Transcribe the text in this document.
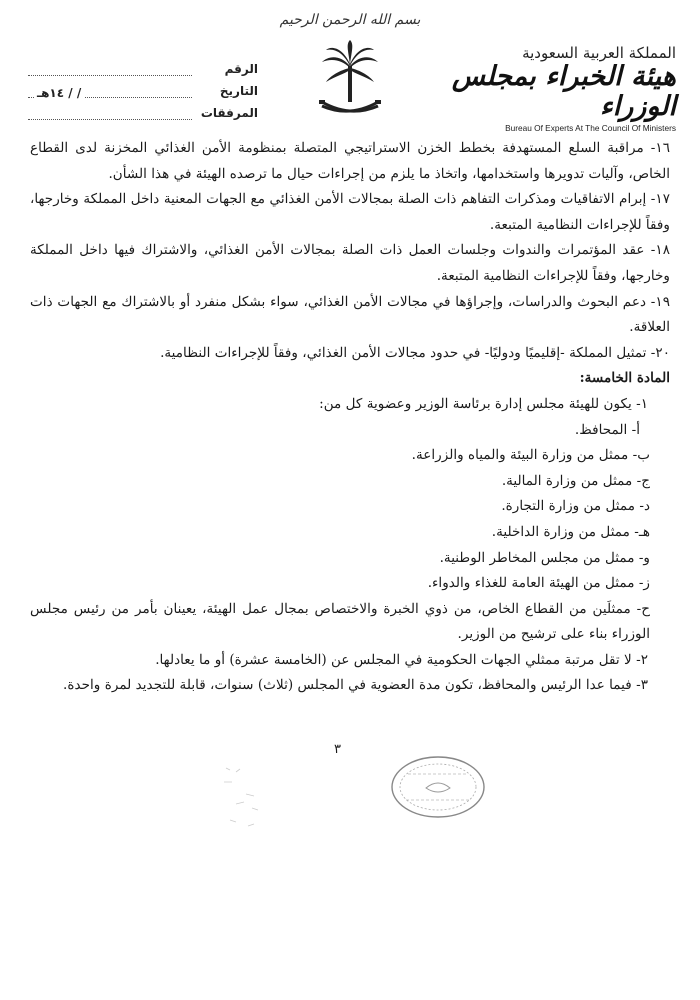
بسم الله الرحمن الرحيم
المملكة العربية السعودية
هيئة الخبراء بمجلس الوزراء
Bureau Of Experts At The Council Of Ministers
الرقم
التاريخ
/ / ١٤هـ
المرفقات

١٦- مراقبة السلع المستهدفة بخطط الخزن الاستراتيجي المتصلة بمنظومة الأمن الغذائي المخزنة لدى القطاع الخاص، وآليات تدويرها واستخدامها، واتخاذ ما يلزم من إجراءات حيال ما ترصده الهيئة في هذا الشأن.

١٧- إبرام الاتفاقيات ومذكرات التفاهم ذات الصلة بمجالات الأمن الغذائي مع الجهات المعنية داخل المملكة وخارجها، وفقاً للإجراءات النظامية المتبعة.

١٨- عقد المؤتمرات والندوات وجلسات العمل ذات الصلة بمجالات الأمن الغذائي، والاشتراك فيها داخل المملكة وخارجها، وفقاً للإجراءات النظامية المتبعة.

١٩- دعم البحوث والدراسات، وإجراؤها في مجالات الأمن الغذائي، سواء بشكل منفرد أو بالاشتراك مع الجهات ذات العلاقة.

٢٠- تمثيل المملكة -إقليميًا ودوليًا- في حدود مجالات الأمن الغذائي، وفقاً للإجراءات النظامية.

المادة الخامسة:

١- يكون للهيئة مجلس إدارة برئاسة الوزير وعضوية كل من:

أ- المحافظ.

ب- ممثل من وزارة البيئة والمياه والزراعة.

ج- ممثل من وزارة المالية.

د- ممثل من وزارة التجارة.

هـ- ممثل من وزارة الداخلية.

و- ممثل من مجلس المخاطر الوطنية.

ز- ممثل من الهيئة العامة للغذاء والدواء.

ح- ممثلَين من القطاع الخاص، من ذوي الخبرة والاختصاص بمجال عمل الهيئة، يعينان بأمر من رئيس مجلس الوزراء بناء على ترشيح من الوزير.

٢- لا تقل مرتبة ممثلي الجهات الحكومية في المجلس عن (الخامسة عشرة) أو ما يعادلها.

٣- فيما عدا الرئيس والمحافظ، تكون مدة العضوية في المجلس (ثلاث) سنوات، قابلة للتجديد لمرة واحدة.

٣
